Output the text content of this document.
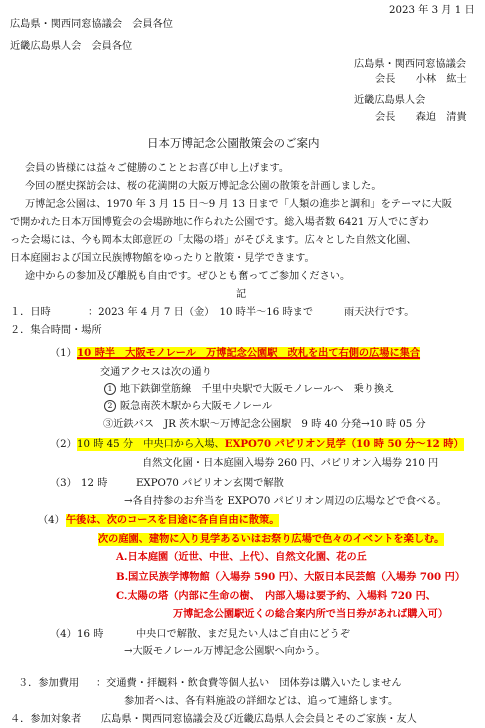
2023 年 3 月 1 日
広島県・関西同窓協議会　会員各位
近畿広島県人会　会員各位
広島県・関西同窓協議会
会長　　小林　紘士
近畿広島県人会
会長　　森迫　清貴
日本万博記念公園散策会のご案内
会員の皆様には益々ご健勝のこととお喜び申し上げます。
今回の歴史探訪会は、桜の花満開の大阪万博記念公園の散策を計画しました。
万博記念公園は、1970 年 3 月 15 日～9 月 13 日まで「人類の進歩と調和」をテーマに大阪
で開かれた日本万国博覧会の会場跡地に作られた公園です。総入場者数 6421 万人でにぎわ
った会場には、今も岡本太郎意匠の「太陽の塔」がそびえます。広々とした自然文化園、
日本庭園および国立民族博物館をゆったりと散策・見学できます。
途中からの参加及び離脱も自由です。ぜひとも奮ってご参加ください。
記
１．日時	：2023 年 4 月 7 日（金）　10 時半～16 時まで	雨天決行です。
２．集合時間・場所
（1） 10 時半　大阪モノレール　万博記念公園駅　改札を出て右側の広場に集合
交通アクセスは次の通り
1 地下鉄御堂筋線　千里中央駅で大阪モノレールへ　乗り換え
2 阪急南茨木駅から大阪モノレール
③近鉄バス　JR 茨木駅～万博記念公園駅　9 時 40 分発→10 時 05 分
（2） 10 時 45 分　中央口から入場、EXPO70 パビリオン見学（10 時 50 分～12 時）
自然文化園・日本庭園入場券 260 円、パビリオン入場券 210 円
（3） 12 時	EXPO70 パビリオン玄関で解散
→各自持参のお弁当を EXPO70 パビリオン周辺の広場などで食べる。
（4） 午後は、次のコースを目途に各自自由に散策。
次の庭園、建物に入り見学あるいはお祭り広場で色々のイベントを楽しむ。
A.日本庭園（近世、中世、上代）、自然文化園、花の丘
B.国立民族学博物館（入場券 590 円）、大阪日本民芸館（入場券 700 円）
C.太陽の塔（内部に生命の樹、　内部入場は要予約、入場料 720 円、
万博記念公園駅近くの総合案内所で当日券があれば購入可）
（4） 16 時	中央口で解散、まだ見たい人はご自由にどうぞ
→大阪モノレール万博記念公園駅へ向かう。
３．参加費用 ：交通費・拝観料・飲食費等個人払い　団体券は購入いたしません
参加者へは、各有料施設の詳細などは、追って連絡します。
４．参加対象者 広島県・関西同窓協議会及び近畿広島県人会会員とそのご家族・友人
